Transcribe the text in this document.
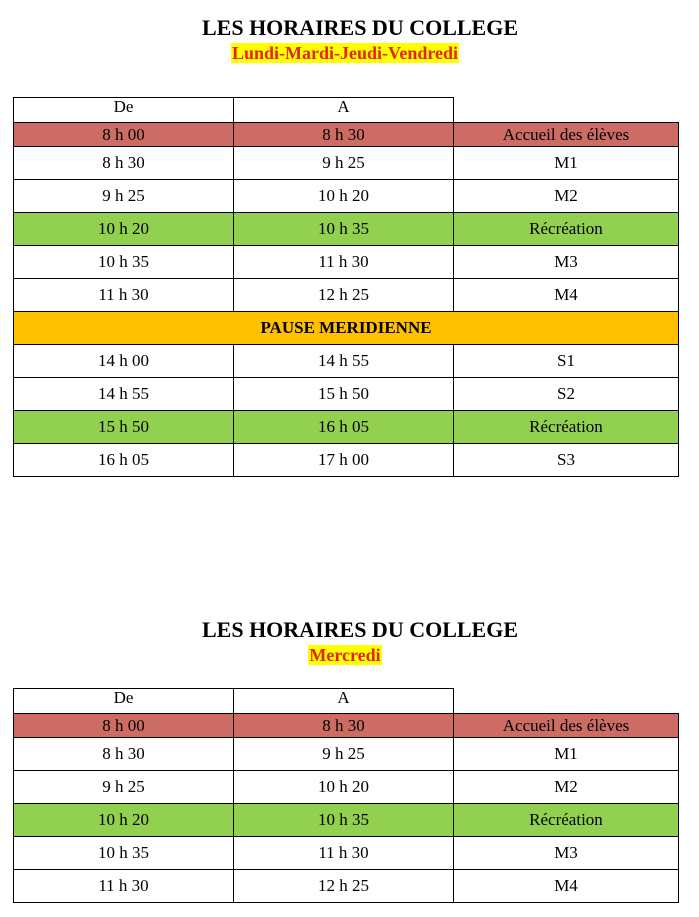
LES HORAIRES DU COLLEGE
Lundi-Mardi-Jeudi-Vendredi
De	A	
8 h 00	8 h 30	Accueil des élèves
8 h 30	9 h 25	M1
9 h 25	10 h 20	M2
10 h 20	10 h 35	Récréation
10 h 35	11 h 30	M3
11 h 30	12 h 25	M4
PAUSE MERIDIENNE		
14 h 00	14 h 55	S1
14 h 55	15 h 50	S2
15 h 50	16 h 05	Récréation
16 h 05	17 h 00	S3
LES HORAIRES DU COLLEGE
Mercredi
De	A	
8 h 00	8 h 30	Accueil des élèves
8 h 30	9 h 25	M1
9 h 25	10 h 20	M2
10 h 20	10 h 35	Récréation
10 h 35	11 h 30	M3
11 h 30	12 h 25	M4
